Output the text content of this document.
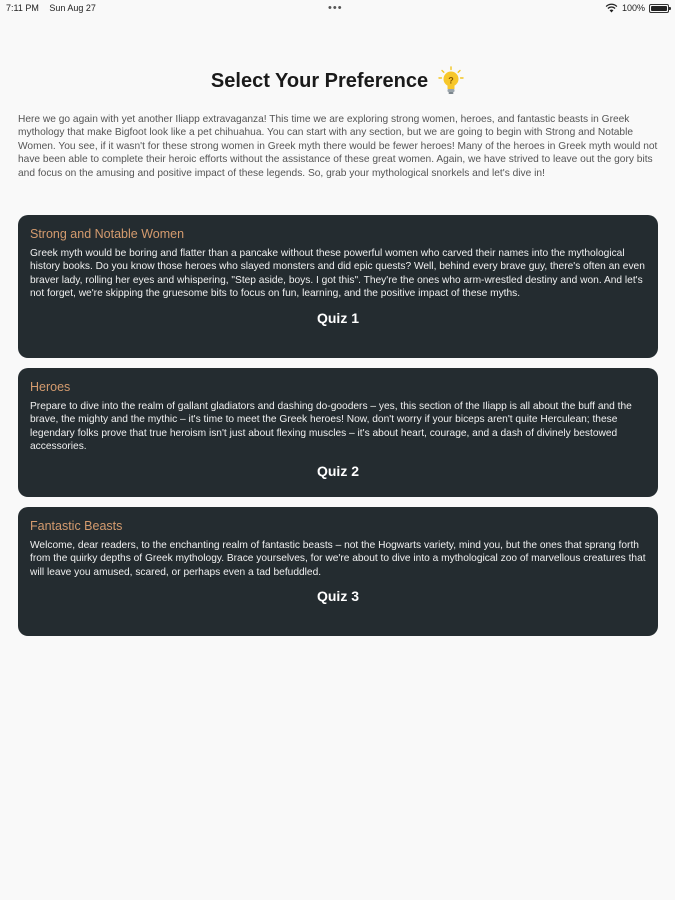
7:11 PM Sun Aug 27	•••	100%
Select Your Preference ?
Here we go again with yet another Iliapp extravaganza! This time we are exploring strong women, heroes, and fantastic beasts in Greek mythology that make Bigfoot look like a pet chihuahua. You can start with any section, but we are going to begin with Strong and Notable Women. You see, if it wasn't for these strong women in Greek myth there would be fewer heroes! Many of the heroes in Greek myth would not have been able to complete their heroic efforts without the assistance of these great women. Again, we have strived to leave out the gory bits and focus on the amusing and positive impact of these legends. So, grab your mythological snorkels and let's dive in!
Strong and Notable Women
Greek myth would be boring and flatter than a pancake without these powerful women who carved their names into the mythological history books. Do you know those heroes who slayed monsters and did epic quests? Well, behind every brave guy, there's often an even braver lady, rolling her eyes and whispering, "Step aside, boys. I got this". They're the ones who arm-wrestled destiny and won. And let's not forget, we're skipping the gruesome bits to focus on fun, learning, and the positive impact of these myths.
Quiz 1
Heroes
Prepare to dive into the realm of gallant gladiators and dashing do-gooders – yes, this section of the Iliapp is all about the buff and the brave, the mighty and the mythic – it's time to meet the Greek heroes! Now, don't worry if your biceps aren't quite Herculean; these legendary folks prove that true heroism isn't just about flexing muscles – it's about heart, courage, and a dash of divinely bestowed accessories.
Quiz 2
Fantastic Beasts
Welcome, dear readers, to the enchanting realm of fantastic beasts – not the Hogwarts variety, mind you, but the ones that sprang forth from the quirky depths of Greek mythology. Brace yourselves, for we're about to dive into a mythological zoo of marvellous creatures that will leave you amused, scared, or perhaps even a tad befuddled.
Quiz 3
